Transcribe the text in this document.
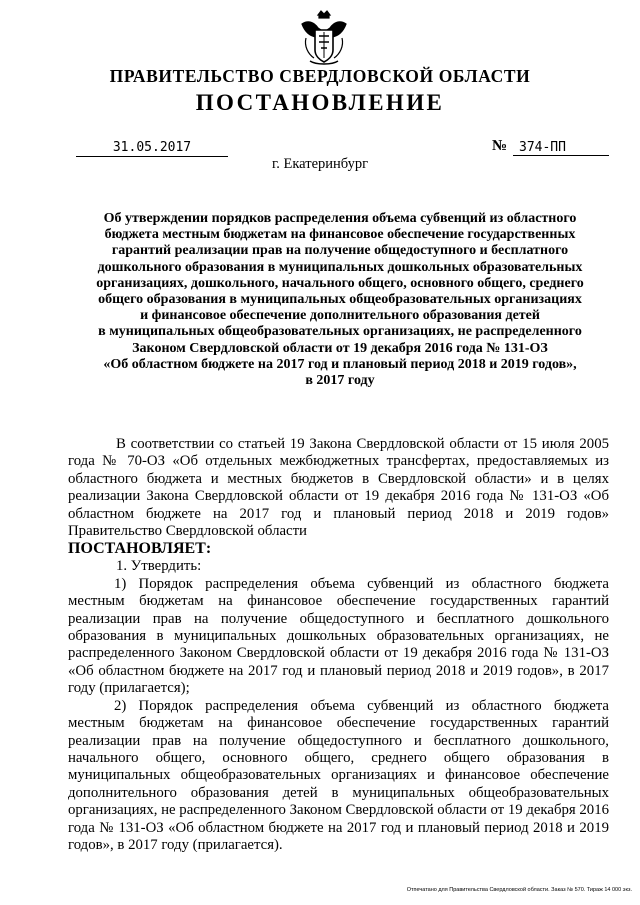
ПРАВИТЕЛЬСТВО СВЕРДЛОВСКОЙ ОБЛАСТИ
ПОСТАНОВЛЕНИЕ
31.05.2017	№ 374-ПП
г. Екатеринбург
Об утверждении порядков распределения объема субвенций из областного
бюджета местным бюджетам на финансовое обеспечение государственных
гарантий реализации прав на получение общедоступного и бесплатного
дошкольного образования в муниципальных дошкольных образовательных
организациях, дошкольного, начального общего, основного общего, среднего
общего образования в муниципальных общеобразовательных организациях
и финансовое обеспечение дополнительного образования детей
в муниципальных общеобразовательных организациях, не распределенного
Законом Свердловской области от 19 декабря 2016 года № 131-ОЗ
«Об областном бюджете на 2017 год и плановый период 2018 и 2019 годов»,
в 2017 году

В соответствии со статьей 19 Закона Свердловской области от 15 июля 2005 года № 70-ОЗ «Об отдельных межбюджетных трансфертах, предоставляемых из областного бюджета и местных бюджетов в Свердловской области» и в целях реализации Закона Свердловской области от 19 декабря 2016 года № 131-ОЗ «Об областном бюджете на 2017 год и плановый период 2018 и 2019 годов» Правительство Свердловской области

ПОСТАНОВЛЯЕТ:

1. Утвердить:

1) Порядок распределения объема субвенций из областного бюджета местным бюджетам на финансовое обеспечение государственных гарантий реализации прав на получение общедоступного и бесплатного дошкольного образования в муниципальных дошкольных образовательных организациях, не распределенного Законом Свердловской области от 19 декабря 2016 года № 131-ОЗ «Об областном бюджете на 2017 год и плановый период 2018 и 2019 годов», в 2017 году (прилагается);

2) Порядок распределения объема субвенций из областного бюджета местным бюджетам на финансовое обеспечение государственных гарантий реализации прав на получение общедоступного и бесплатного дошкольного, начального общего, основного общего, среднего общего образования в муниципальных общеобразовательных организациях и финансовое обеспечение дополнительного образования детей в муниципальных общеобразовательных организациях, не распределенного Законом Свердловской области от 19 декабря 2016 года № 131-ОЗ «Об областном бюджете на 2017 год и плановый период 2018 и 2019 годов», в 2017 году (прилагается).

Отпечатано для Правительства Свердловской области. Заказ № 570. Тираж 14 000 экз.
